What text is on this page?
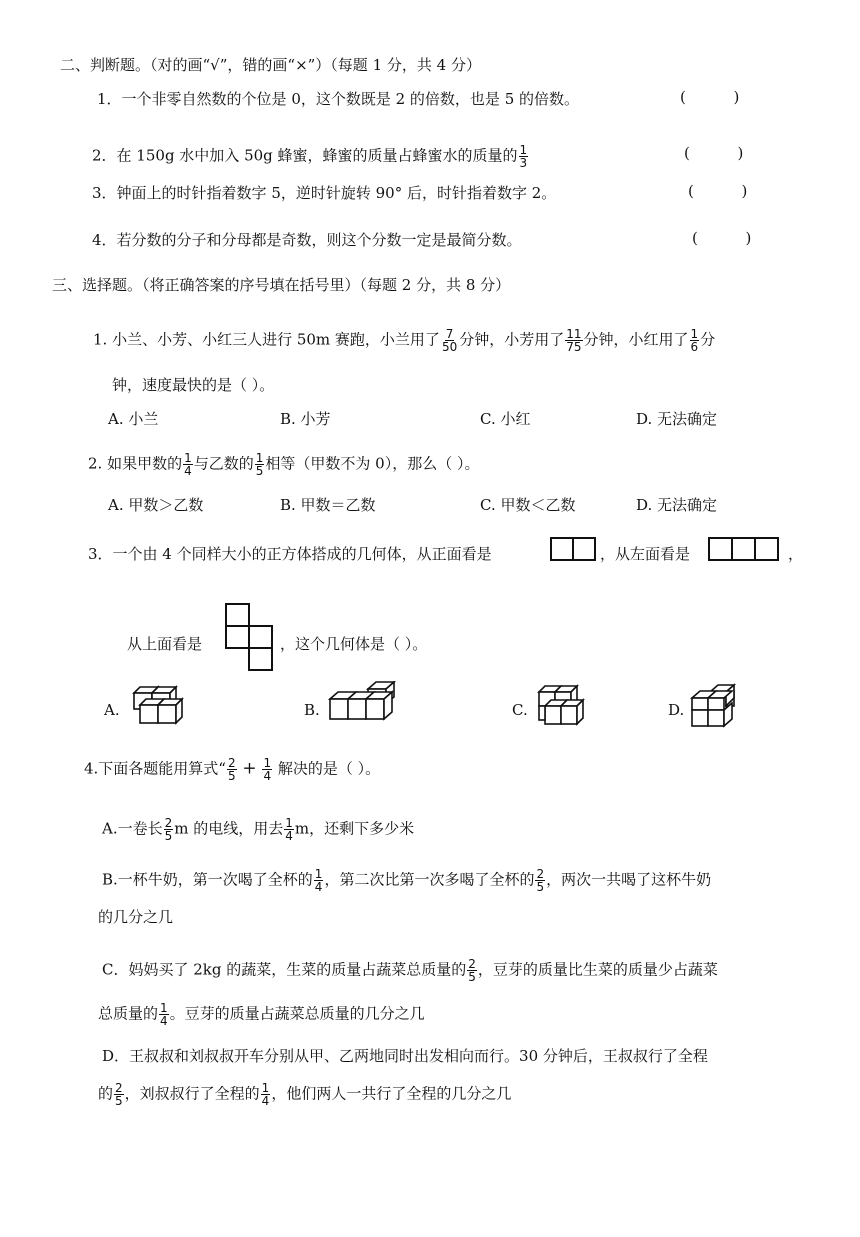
二、判断题。（对的画“√”，错的画“×”）（每题 1 分，共 4 分）
1．一个非零自然数的个位是 0，这个数既是 2 的倍数，也是 5 的倍数。	(          )
2．在 150g 水中加入 50g 蜂蜜，蜂蜜的质量占蜂蜜水的质量的 $\frac{1}{3}$	(          )
3．钟面上的时针指着数字 5，逆时针旋转 90° 后，时针指着数字 2。	(          )
4．若分数的分子和分母都是奇数，则这个分数一定是最简分数。	(          )
三、选择题。（将正确答案的序号填在括号里）（每题 2 分，共 8 分）
1. 小兰、小芳、小红三人进行 50m 赛跑，小兰用了 $\frac{7}{50}$ 分钟，小芳用了 $\frac{11}{75}$ 分钟，小红用了 $\frac{1}{6}$ 分
钟，速度最快的是（ ）。
A. 小兰	B. 小芳	C. 小红	D. 无法确定
2. 如果甲数的 $\frac{1}{4}$ 与乙数的 $\frac{1}{5}$ 相等（甲数不为 0），那么（ ）。
A. 甲数＞乙数	B. 甲数＝乙数	C. 甲数＜乙数	D. 无法确定
3．一个由 4 个同样大小的正方体搭成的几何体，从正面看是	，从左面看是	，
从上面看是	，这个几何体是（ ）。
A.	B.	C.	D.
4.下面各题能用算式“ $\frac{2}{5} + \frac{1}{4}$ 解决的是（ ）。
A.一卷长 $\frac{2}{5}$ m 的电线，用去 $\frac{1}{4}$ m，还剩下多少米
B.一杯牛奶，第一次喝了全杯的 $\frac{1}{4}$ ，第二次比第一次多喝了全杯的 $\frac{2}{5}$ ，两次一共喝了这杯牛奶
的几分之几
C．妈妈买了 2kg 的蔬菜，生菜的质量占蔬菜总质量的 $\frac{2}{5}$ ，豆芽的质量比生菜的质量少占蔬菜
总质量的 $\frac{1}{4}$ 。豆芽的质量占蔬菜总质量的几分之几
D．王叔叔和刘叔叔开车分别从甲、乙两地同时出发相向而行。30 分钟后，王叔叔行了全程
的 $\frac{2}{5}$ ，刘叔叔行了全程的 $\frac{1}{4}$ ，他们两人一共行了全程的几分之几
